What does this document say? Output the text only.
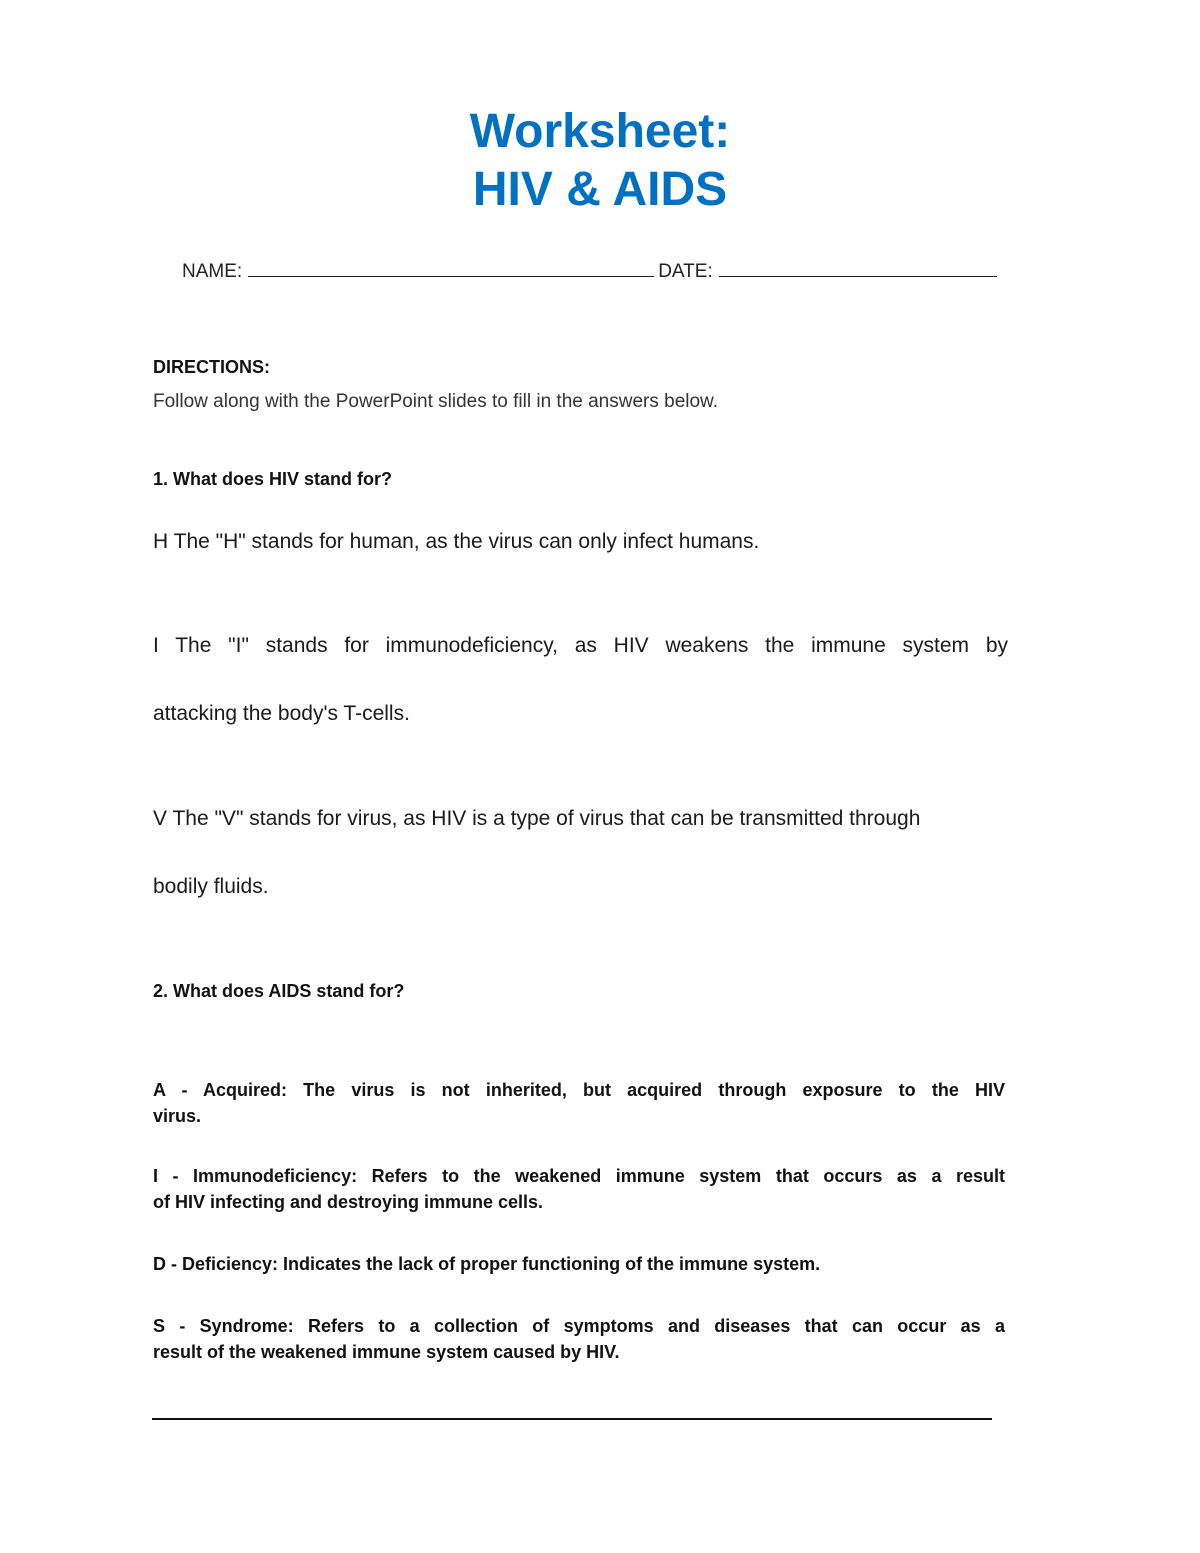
Worksheet:
HIV & AIDS
NAME:	DATE:
DIRECTIONS:
Follow along with the PowerPoint slides to fill in the answers below.
1. What does HIV stand for?
H The "H" stands for human, as the virus can only infect humans.
I The "I" stands for immunodeficiency, as HIV weakens the immune system by
attacking the body's T-cells.
V The "V" stands for virus, as HIV is a type of virus that can be transmitted through
bodily fluids.
2. What does AIDS stand for?
A - Acquired: The virus is not inherited, but acquired through exposure to the HIV
virus.
I - Immunodeficiency: Refers to the weakened immune system that occurs as a result
of HIV infecting and destroying immune cells.
D - Deficiency: Indicates the lack of proper functioning of the immune system.
S - Syndrome: Refers to a collection of symptoms and diseases that can occur as a
result of the weakened immune system caused by HIV.
